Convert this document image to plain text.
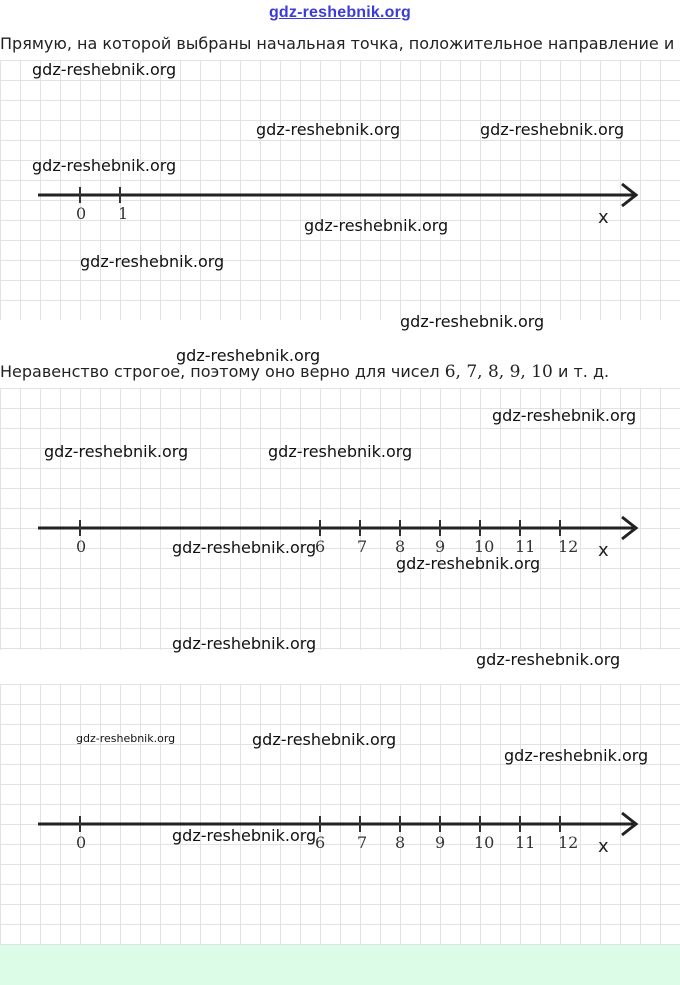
gdz-reshebnik.org
Прямую, на которой выбраны начальная точка, положительное направление и
0 1	x
gdz-reshebnik.org
gdz-reshebnik.org	gdz-reshebnik.org
gdz-reshebnik.org
gdz-reshebnik.org
gdz-reshebnik.org
gdz-reshebnik.org
gdz-reshebnik.org
Неравенство строгое, поэтому оно верно для чисел 6, 7, 8, 9, 10 и т. д.
0	6 7 8 9 10 11 12 x
gdz-reshebnik.org
gdz-reshebnik.org	gdz-reshebnik.org
gdz-reshebnik.org
gdz-reshebnik.org
gdz-reshebnik.org
gdz-reshebnik.org
0	6 7 8 9 10 11 12 x
gdz-reshebnik.org	gdz-reshebnik.org
gdz-reshebnik.org
gdz-reshebnik.org
